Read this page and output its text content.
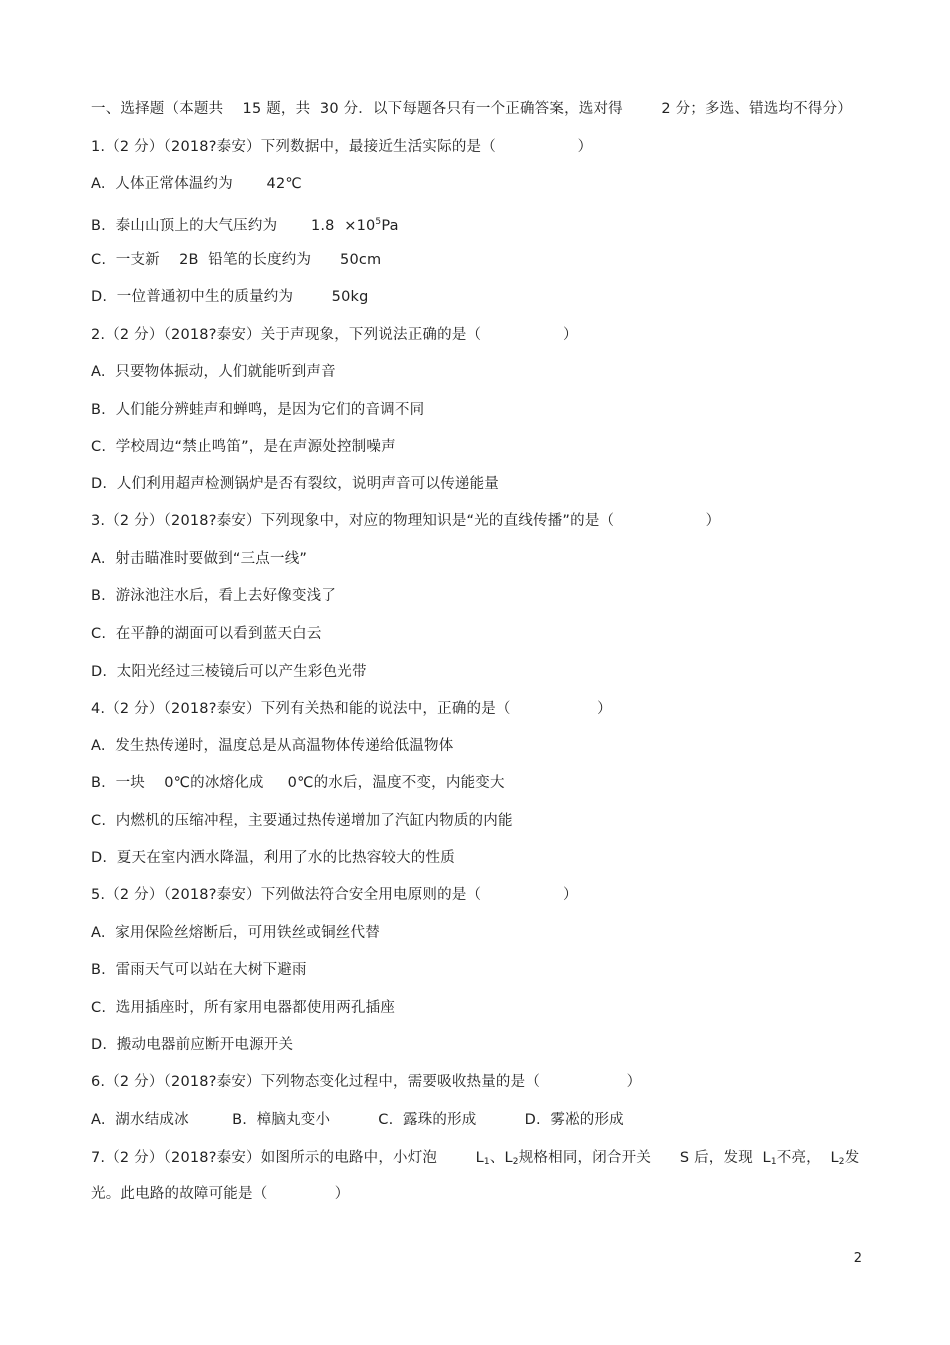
一、选择题（本题共    15 题，共  30 分．以下每题各只有一个正确答案，选对得        2 分；多选、错选均不得分）
1.（2 分）（2018?泰安）下列数据中，最接近生活实际的是（                 ）
A.  人体正常体温约为       42℃
B.  泰山山顶上的大气压约为       $1.8 \times 10^5Pa$
C.  一支新    2B  铅笔的长度约为      50cm
D.  一位普通初中生的质量约为        50kg
2.（2 分）（2018?泰安）关于声现象，下列说法正确的是（                 ）
A.  只要物体振动，人们就能听到声音
B.  人们能分辨蛙声和蝉鸣，是因为它们的音调不同
C.  学校周边“禁止鸣笛”，是在声源处控制噪声
D.  人们利用超声检测锅炉是否有裂纹，说明声音可以传递能量
3.（2 分）（2018?泰安）下列现象中，对应的物理知识是“光的直线传播”的是（                   ）
A.  射击瞄准时要做到“三点一线”
B.  游泳池注水后，看上去好像变浅了
C.  在平静的湖面可以看到蓝天白云
D.  太阳光经过三棱镜后可以产生彩色光带
4.（2 分）（2018?泰安）下列有关热和能的说法中，正确的是（                  ）
A.  发生热传递时，温度总是从高温物体传递给低温物体
B.  一块    0℃的冰熔化成     0℃的水后，温度不变，内能变大
C.  内燃机的压缩冲程，主要通过热传递增加了汽缸内物质的内能
D.  夏天在室内洒水降温，利用了水的比热容较大的性质
5.（2 分）（2018?泰安）下列做法符合安全用电原则的是（                 ）
A.  家用保险丝熔断后，可用铁丝或铜丝代替
B.  雷雨天气可以站在大树下避雨
C.  选用插座时，所有家用电器都使用两孔插座
D.  搬动电器前应断开电源开关
6.（2 分）（2018?泰安）下列物态变化过程中，需要吸收热量的是（                  ）
A.  湖水结成冰         B.  樟脑丸变小          C.  露珠的形成          D.  雾凇的形成
7.（2 分）（2018?泰安）如图所示的电路中，小灯泡        $L_1$、$L_2$规格相同，闭合开关      S 后，发现  $L_1$不亮，  $L_2$发
光。此电路的故障可能是（              ）
2
